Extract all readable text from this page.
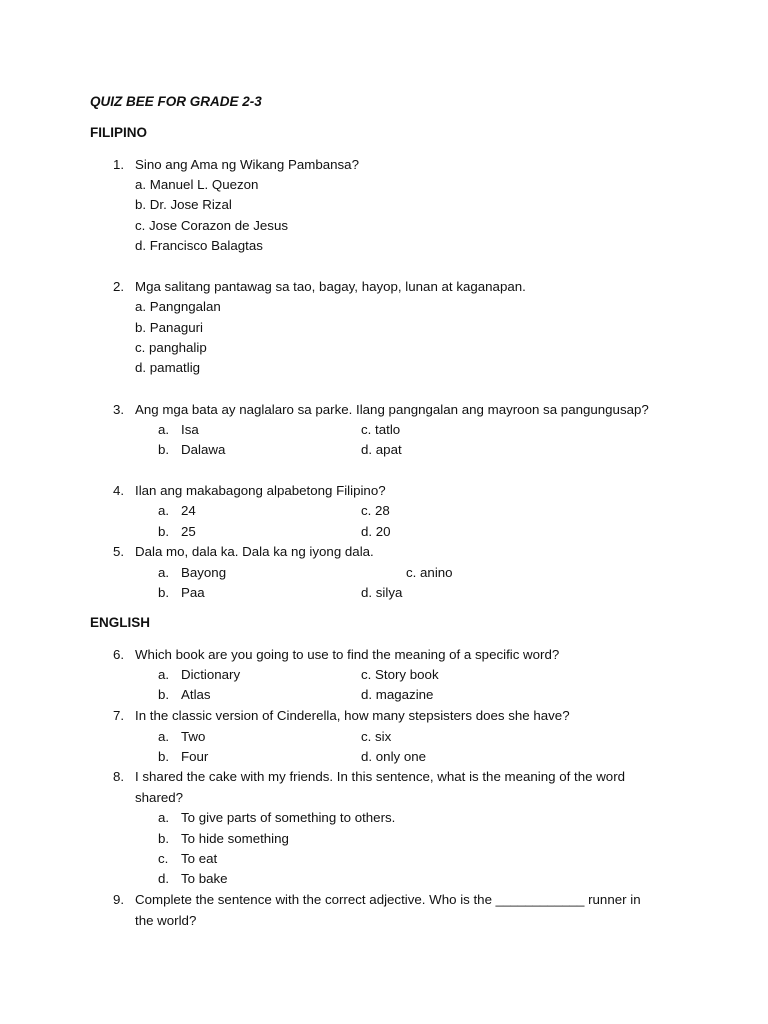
QUIZ BEE FOR GRADE 2-3
FILIPINO
1. Sino ang Ama ng Wikang Pambansa?
a. Manuel L. Quezon
b. Dr. Jose Rizal
c. Jose Corazon de Jesus
d. Francisco Balagtas
2. Mga salitang pantawag sa tao, bagay, hayop, lunan at kaganapan.
a. Pangngalan
b. Panaguri
c. panghalip
d. pamatlig
3. Ang mga bata ay naglalaro sa parke. Ilang pangngalan ang mayroon sa pangungusap?
a. Isa	c. tatlo
b. Dalawa	d. apat
4. Ilan ang makabagong alpabetong Filipino?
a. 24	c. 28
b. 25	d. 20
5. Dala mo, dala ka. Dala ka ng iyong dala.
a. Bayong	c. anino
b. Paa	d. silya
ENGLISH
6. Which book are you going to use to find the meaning of a specific word?
a. Dictionary	c. Story book
b. Atlas	d. magazine
7. In the classic version of Cinderella, how many stepsisters does she have?
a. Two	c. six
b. Four	d. only one
8. I shared the cake with my friends. In this sentence, what is the meaning of the word
shared?
a. To give parts of something to others.
b. To hide something
c. To eat
d. To bake
9. Complete the sentence with the correct adjective. Who is the ____________ runner in
the world?
